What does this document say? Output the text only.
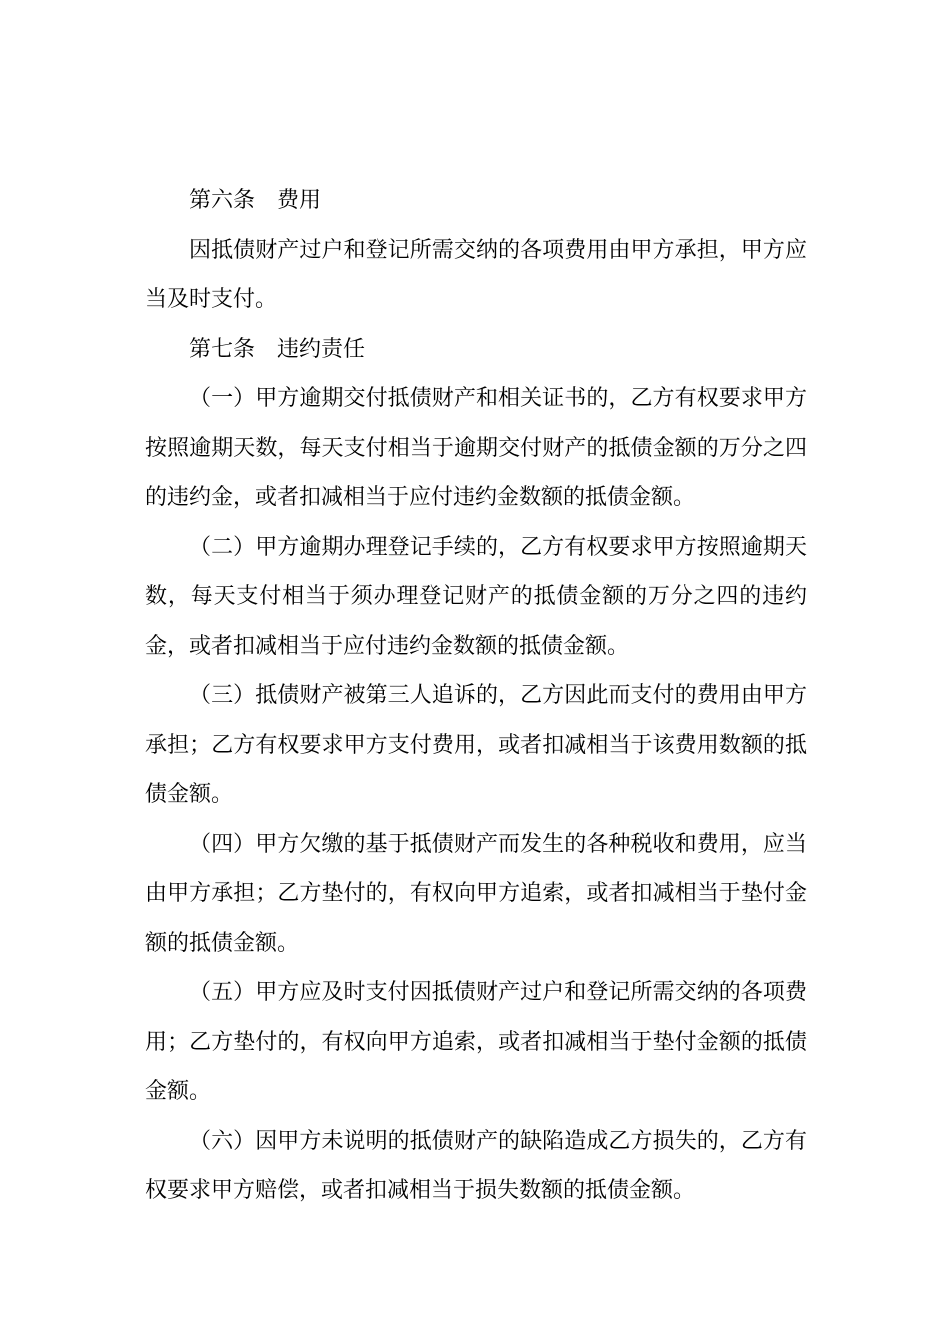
第六条 费用

因抵债财产过户和登记所需交纳的各项费用由甲方承担，甲方应当及时支付。

第七条 违约责任

（一）甲方逾期交付抵债财产和相关证书的，乙方有权要求甲方按照逾期天数，每天支付相当于逾期交付财产的抵债金额的万分之四的违约金，或者扣减相当于应付违约金数额的抵债金额。

（二）甲方逾期办理登记手续的，乙方有权要求甲方按照逾期天数，每天支付相当于须办理登记财产的抵债金额的万分之四的违约金，或者扣减相当于应付违约金数额的抵债金额。

（三）抵债财产被第三人追诉的，乙方因此而支付的费用由甲方承担；乙方有权要求甲方支付费用，或者扣减相当于该费用数额的抵债金额。

（四）甲方欠缴的基于抵债财产而发生的各种税收和费用，应当由甲方承担；乙方垫付的，有权向甲方追索，或者扣减相当于垫付金额的抵债金额。

（五）甲方应及时支付因抵债财产过户和登记所需交纳的各项费用；乙方垫付的，有权向甲方追索，或者扣减相当于垫付金额的抵债金额。

（六）因甲方未说明的抵债财产的缺陷造成乙方损失的，乙方有权要求甲方赔偿，或者扣减相当于损失数额的抵债金额。
